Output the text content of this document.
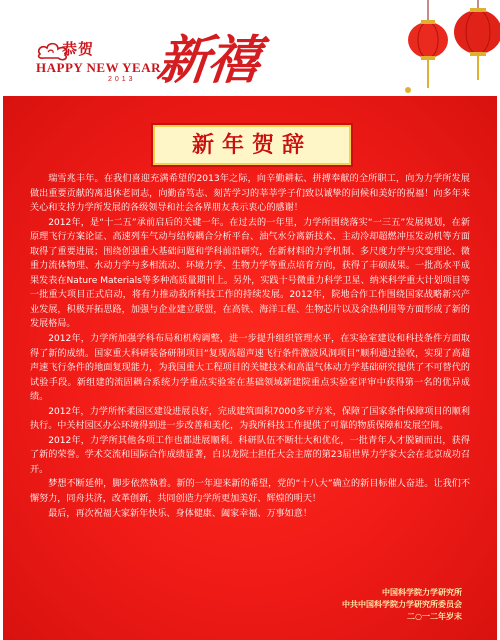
恭贺
HAPPY NEW YEAR
2013 新禧
新年贺辞

瑞雪兆丰年。在我们喜迎充满希望的2013年之际，向辛勤耕耘、拼搏奉献的全所职工，向为力学所发展做出重要贡献的离退休老同志，向勤奋笃志、刻苦学习的莘莘学子们致以诚挚的问候和美好的祝福！向多年来关心和支持力学所发展的各级领导和社会各界朋友表示衷心的感谢！

2012年，是“十二五”承前启后的关键一年。在过去的一年里，力学所围绕落实“一三五”发展规划，在新原理飞行方案论证、高速列车气动与结构耦合分析平台、油气水分离新技术、主动冷却超燃冲压发动机等方面取得了重要进展；围绕创强重大基础问题和学科前沿研究，在新材料的力学机制、多尺度力学与灾变理论、微重力流体物理、水动力学与多相流动、环境力学、生物力学等重点培育方向，获得了丰硕成果。一批高水平成果发表在Nature Materials等多种高质量期刊上。另外，实践十号微重力科学卫星、纳米科学重大计划项目等一批重大项目正式启动，将有力推动我所科技工作的持续发展。2012年，院地合作工作围绕国家战略新兴产业发展，积极开拓思路，加强与企业建立联盟，在高铁、海洋工程、生物芯片以及余热利用等方面形成了新的发展格局。

2012年，力学所加强学科布局和机构调整，进一步提升组织管理水平，在实验室建设和科技条件方面取得了新的成绩。国家重大科研装备研制项目“复现高超声速飞行条件激波风洞项目”顺利通过验收，实现了高超声速飞行条件的地面复现能力，为我国重大工程项目的关键技术和高温气体动力学基础研究提供了不可替代的试验手段。新组建的流固耦合系统力学重点实验室在基础领域新建院重点实验室评审中获得第一名的优异成绩。

2012年，力学所怀柔园区建设进展良好，完成建筑面积7000多平方米，保障了国家条件保障项目的顺利执行。中关村园区办公环境得到进一步改善和美化，为我所科技工作提供了可靠的物质保障和发展空间。

2012年，力学所其他各项工作也都进展顺利。科研队伍不断壮大和优化，一批青年人才脱颖而出，获得了新的荣誉。学术交流和国际合作成绩显著，白以龙院士担任大会主席的第23届世界力学家大会在北京成功召开。

梦想不断延伸，脚步依然執着。新的一年迎来新的希望，党的“十八大”确立的新目标催人奋进。让我们不懈努力，同舟共济，改革创新，共同创造力学所更加美好、辉煌的明天！

最后，再次祝福大家新年快乐、身体健康、阖家幸福、万事如意！

中国科学院力学研究所
中共中国科学院力学研究所委员会
二○一二年岁末
